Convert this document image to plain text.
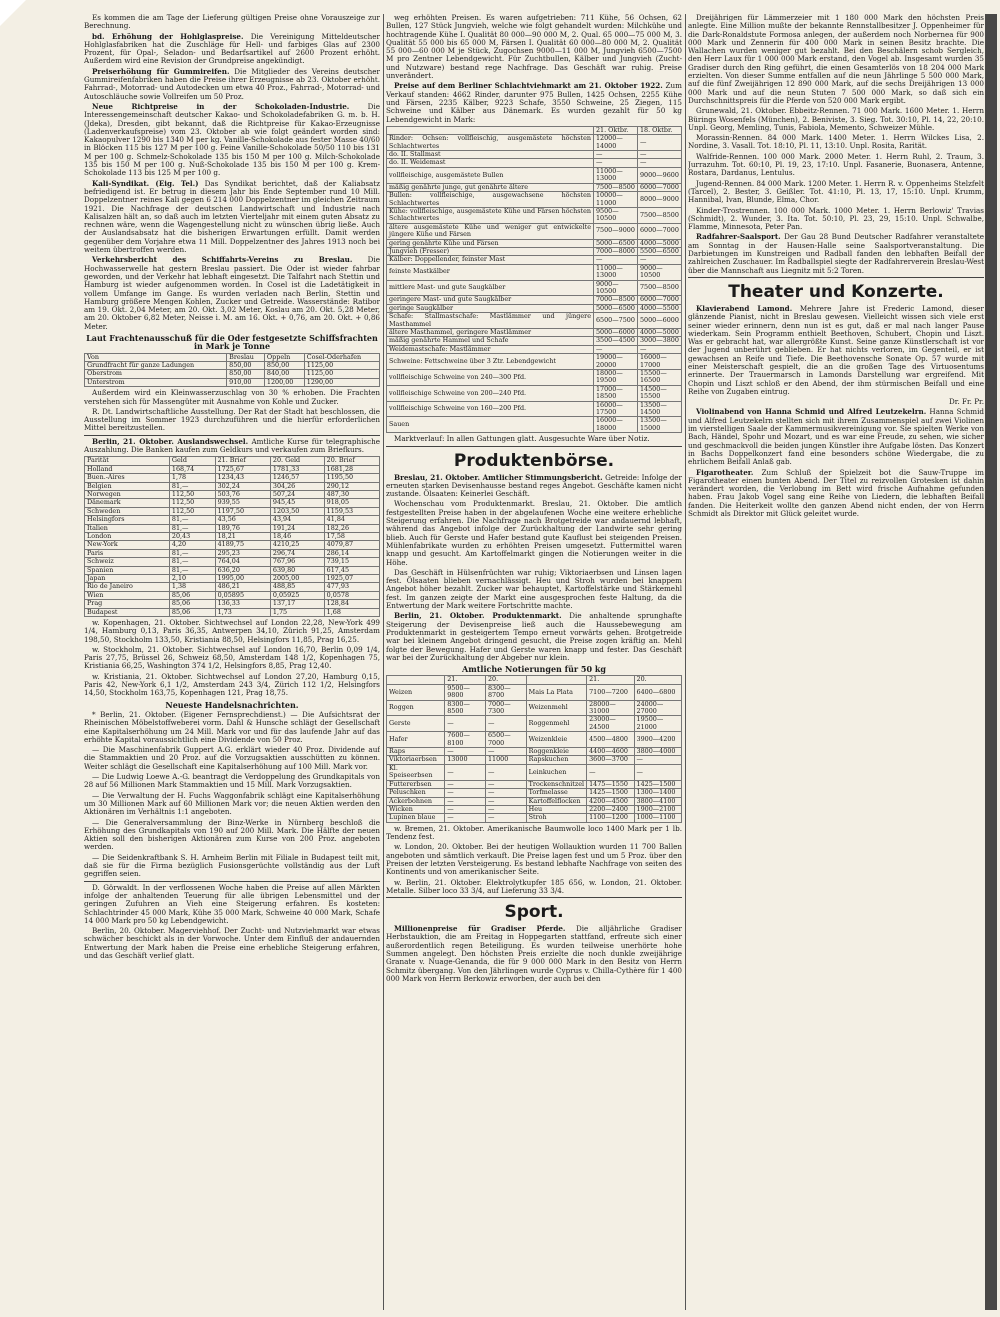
Es kommen die am Tage der Lieferung gültigen Preise ohne Vorauszeige zur Berechnung.

bd. Erhöhung der Hohlglaspreise. Die Vereinigung Mitteldeutscher Hohlglasfabriken hat die Zuschläge für Hell- und farbiges Glas auf 2300 Prozent, für Opal-, Seladon- und Bedarfsartikel auf 2600 Prozent erhöht. Außerdem wird eine Revision der Grundpreise angekündigt.

Preiserhöhung für Gummireifen. Die Mitglieder des Vereins deutscher Gummireifenfabriken haben die Preise ihrer Erzeugnisse ab 23. Oktober erhöht. Fahrrad-, Motorrad- und Autodecken um etwa 40 Proz., Fahrrad-, Motorrad- und Autoschläuche sowie Vollreifen um 50 Proz.

Neue Richtpreise in der Schokoladen-Industrie.	Die Interessengemeinschaft deutscher Kakao- und Schokoladefabriken G. m. b. H. (Jdeka), Dresden, gibt bekannt, daß die Richtpreise für Kakao-Erzeugnisse (Ladenverkaufspreise) vom 23. Oktober ab wie folgt geändert worden sind: Kakaopulver 1290 bis 1340 M per kg. Vanille-Schokolade aus fester Masse 40/60 in Blöcken 115 bis 127 M per 100 g. Feine Vanille-Schokolade 50/50 110 bis 131 M per 100 g. Schmelz-Schokolade 135 bis 150 M per 100 g. Milch-Schokolade 135 bis 150 M per 100 g. Nuß-Schokolade 135 bis 150 M per 100 g. Krem-Schokolade 113 bis 125 M per 100 g.

Kali-Syndikat. (Eig. Tel.) Das Syndikat berichtet, daß der Kaliabsatz befriedigend ist. Er betrug in diesem Jahr bis Ende September rund 10 Mill. Doppelzentner reines Kali gegen 6 214 000 Doppelzentner im gleichen Zeitraum 1921. Die Nachfrage der deutschen Landwirtschaft und Industrie nach Kalisalzen hält an, so daß auch im letzten Vierteljahr mit einem guten Absatz zu rechnen wäre, wenn die Wagengestellung nicht zu wünschen übrig ließe. Auch der Auslandsabsatz hat die bisherigen Erwartungen erfüllt. Damit werden gegenüber dem Vorjahre etwa 11 Mill. Doppelzentner des Jahres 1913 noch bei weitem übertroffen werden.

Verkehrsbericht des Schiffahrts-Vereins zu Breslau. Die Hochwasserwelle hat gestern Breslau passiert. Die Oder ist wieder fahrbar geworden, und der Verkehr hat lebhaft eingesetzt. Die Talfahrt nach Stettin und Hamburg ist wieder aufgenommen worden. In Cosel ist die Ladetätigkeit in vollem Umfange im Gange. Es wurden verladen nach Berlin, Stettin und Hamburg größere Mengen Kohlen, Zucker und Getreide. Wasserstände: Ratibor am 19. Okt. 2,04 Meter, am 20. Okt. 3,02 Meter, Koslau am 20. Okt. 5,28 Meter, am 20. Oktober 6,82 Meter, Neisse i. M. am 16. Okt. + 0,76, am 20. Okt. + 0,86 Meter.

Laut Frachtenausschuß für die Oder festgesetzte Schiffsfrachten in Mark je Tonne
Von	Breslau	Oppeln	Cosel-Oderhafen
Grundfracht für ganze Ladungen	850,00	850,00	1125,00
Oberstrom	850,00	840,00	1125,00
Unterstrom	910,00	1200,00	1290,00

Außerdem wird ein Kleinwasserzuschlag von 30 % erhoben. Die Frachten verstehen sich für Massengüter mit Ausnahme von Kohle und Zucker.

R. Dt. Landwirtschaftliche Ausstellung. Der Rat der Stadt hat beschlossen, die Ausstellung im Sommer 1923 durchzuführen und die hierfür erforderlichen Mittel bereitzustellen.

Berlin, 21. Oktober. Auslandswechsel. Amtliche Kurse für telegraphische Auszahlung. Die Banken kaufen zum Geldkurs und verkaufen zum Briefkurs.

Parität	Geld	21. Brief	20. Geld	20. Brief
Holland	168,74	1725,67	1781,33	1681,28
Buen.-Aires	1,78	1234,43	1246,57	1195,50
Belgien	81,—	302,24	304,26	290,12
Norwegen	112,50	503,76	507,24	487,30
Dänemark	112,50	939,55	945,45	918,05
Schweden	112,50	1197,50	1203,50	1159,53
Helsingfors	81,—	43,56	43,94	41,84
Italien	81,—	189,76	191,24	182,26
London	20,43	18,21	18,46	17,58
New-York	4,20	4189,75	4210,25	4079,87
Paris	81,—	295,23	296,74	286,14
Schweiz	81,—	764,04	767,96	739,15
Spanien	81,—	636,20	639,80	617,45
Japan	2,10	1995,00	2005,00	1925,07
Rio de Janeiro	1,38	486,21	488,85	477,93
Wien	85,06	0,05895	0,05925	0,0578
Prag	85,06	136,33	137,17	128,84
Budapest	85,06	1,73	1,75	1,68

w. Kopenhagen, 21. Oktober. Sichtwechsel auf London 22,28, New-York 499 1/4, Hamburg 0,13, Paris 36,35, Antwerpen 34,10, Zürich 91,25, Amsterdam 198,50, Stockholm 133,50, Kristiania 88,50, Helsingfors 11,85, Prag 16,25.

w. Stockholm, 21. Oktober. Sichtwechsel auf London 16,70, Berlin 0,09 1/4, Paris 27,75, Brüssel 26, Schweiz 68,50, Amsterdam 148 1/2, Kopenhagen 75, Kristiania 66,25, Washington 374 1/2, Helsingfors 8,85, Prag 12,40.

w. Kristiania, 21. Oktober. Sichtwechsel auf London 27,20, Hamburg 0,15, Paris 42, New-York 6,1 1/2, Amsterdam 243 3/4, Zürich 112 1/2, Helsingfors 14,50, Stockholm 163,75, Kopenhagen 121, Prag 18,75.

Neueste Handelsnachrichten.

* Berlin, 21. Oktober. (Eigener Fernsprechdienst.) — Die Aufsichtsrat der Rheinischen Möbelstoffweberei vorm. Dahl & Hunsche schlägt der Gesellschaft eine Kapitalserhöhung um 24 Mill. Mark vor und für das laufende Jahr auf das erhöhte Kapital voraussichtlich eine Dividende von 50 Proz.

— Die Maschinenfabrik Guppert A.G. erklärt wieder 40 Proz. Dividende auf die Stammaktien und 20 Proz. auf die Vorzugsaktien ausschütten zu können. Weiter schlägt die Gesellschaft eine Kapitalserhöhung auf 100 Mill. Mark vor.

— Die Ludwig Loewe A.-G. beantragt die Verdoppelung des Grundkapitals von 28 auf 56 Millionen Mark Stammaktien und 15 Mill. Mark Vorzugsaktien.

— Die Verwaltung der H. Fuchs Waggonfabrik schlägt eine Kapitalserhöhung um 30 Millionen Mark auf 60 Millionen Mark vor; die neuen Aktien werden den Aktionären im Verhältnis 1:1 angeboten.

— Die Generalversammlung der Binz-Werke in Nürnberg beschloß die Erhöhung des Grundkapitals von 190 auf 200 Mill. Mark. Die Hälfte der neuen Aktien soll den bisherigen Aktionären zum Kurse von 200 Proz. angeboten werden.

— Die Seidenkraftbank S. H. Arnheim Berlin mit Filiale in Budapest teilt mit, daß sie für die Firma bezüglich Fusionsgerüchte vollständig aus der Luft gegriffen seien.

D. Görwaldt. In der verflossenen Woche haben die Preise auf allen Märkten infolge der anhaltenden Teuerung für alle übrigen Lebensmittel und der geringen Zufuhren an Vieh eine Steigerung erfahren. Es kosteten: Schlachtrinder 45 000 Mark, Kühe 35 000 Mark, Schweine 40 000 Mark, Schafe 14 000 Mark pro 50 kg Lebendgewicht.

Berlin, 20. Oktober. Magerviehhof. Der Zucht- und Nutzviehmarkt war etwas schwächer beschickt als in der Vorwoche. Unter dem Einfluß der andauernden Entwertung der Mark haben die Preise eine erhebliche Steigerung erfahren, und das Geschäft verlief glatt.

weg erhöhten Preisen. Es waren aufgetrieben: 711 Kühe, 56 Ochsen, 62 Bullen, 127 Stück Jungvieh, welche wie folgt gehandelt wurden: Milchkühe und hochtragende Kühe I. Qualität 80 000—90 000 M, 2. Qual. 65 000—75 000 M, 3. Qualität 55 000 bis 65 000 M, Färsen I. Qualität 60 000—80 000 M, 2. Qualität 55 000—60 000 M je Stück, Zugochsen 9000—11 000 M, Jungvieh 6500—7500 M pro Zentner Lebendgewicht. Für Zuchtbullen, Kälber und Jungvieh (Zucht- und Nutzware) bestand rege Nachfrage. Das Geschäft war ruhig. Preise unverändert.

Preise auf dem Berliner Schlachtviehmarkt am 21. Oktober 1922. Zum Verkauf standen: 4662 Rinder, darunter 975 Bullen, 1425 Ochsen, 2255 Kühe und Färsen, 2235 Kälber, 9223 Schafe, 3550 Schweine, 25 Ziegen, 115 Schweine und Kälber aus Dänemark. Es wurden gezahlt für 50 kg Lebendgewicht in Mark:

	21. Oktbr.	18. Oktbr.
Rinder: Ochsen: vollfleischig, ausgemästete höchsten Schlachtwertes	12000—14000	—
do. II. Stallmast	—	—
do. II. Weidemast	—	—
vollfleischige, ausgemästete Bullen	11000—13000	9000—9600
mäßig genährte junge, gut genährte ältere	7500—8500	6000—7000
Bullen: vollfleischige, ausgewachsene höchsten Schlachtwertes	10000—11000	8000—9000
Kühe: vollfleischige, ausgemästete Kühe und Färsen höchsten Schlachtwertes	9500—10500	7500—8500
ältere ausgemästete Kühe und weniger gut entwickelte jüngere Kühe und Färsen	7500—9000	6000—7000
gering genährte Kühe und Färsen	5000—6500	4000—5000
Jungvieh (Fresser)	7000—8000	5500—6500
Kälber: Doppellender, feinster Mast	—	—
feinste Mastkälber	11000—13000	9000—10500
mittlere Mast- und gute Saugkälber	9000—10500	7500—8500
geringere Mast- und gute Saugkälber	7000—8500	6000—7000
geringe Saugkälber	5000—6500	4000—5500
Schafe: Stallmastschafe: Mastlämmer und jüngere Masthammel	6500—7500	5000—6000
ältere Masthammel, geringere Mastlämmer	5000—6000	4000—5000
mäßig genährte Hammel und Schafe	3500—4500	3000—3800
Weidemastschafe: Mastlämmer	—	—
Schweine: Fettschweine über 3 Ztr. Lebendgewicht	19000—20000	16000—17000
vollfleischige Schweine von 240—300 Pfd.	18000—19500	15500—16500
vollfleischige Schweine von 200—240 Pfd.	17000—18500	14500—15500
vollfleischige Schweine von 160—200 Pfd.	16000—17500	13500—14500
Sauen	16000—18000	13500—15000

Marktverlauf: In allen Gattungen glatt. Ausgesuchte Ware über Notiz.

Produktenbörse.

Breslau, 21. Oktober. Amtlicher Stimmungsbericht. Getreide: Infolge der erneuten starken Devisenhausse bestand reges Angebot. Geschäfte kamen nicht zustande. Ölsaaten: Keinerlei Geschäft.

Wochenschau vom Produktenmarkt. Breslau, 21. Oktober. Die amtlich festgestellten Preise haben in der abgelaufenen Woche eine weitere erhebliche Steigerung erfahren. Die Nachfrage nach Brotgetreide war andauernd lebhaft, während das Angebot infolge der Zurückhaltung der Landwirte sehr gering blieb. Auch für Gerste und Hafer bestand gute Kauflust bei steigenden Preisen. Mühlenfabrikate wurden zu erhöhten Preisen umgesetzt. Futtermittel waren knapp und gesucht. Am Kartoffelmarkt gingen die Notierungen weiter in die Höhe.

Das Geschäft in Hülsenfrüchten war ruhig; Viktoriaerbsen und Linsen lagen fest. Ölsaaten blieben vernachlässigt. Heu und Stroh wurden bei knappem Angebot höher bezahlt. Zucker war behauptet, Kartoffelstärke und Stärkemehl fest. Im ganzen zeigte der Markt eine ausgesprochen feste Haltung, da die Entwertung der Mark weitere Fortschritte machte.

Berlin, 21. Oktober. Produktenmarkt. Die anhaltende sprunghafte Steigerung der Devisenpreise ließ auch die Haussebewegung am Produktenmarkt in gesteigertem Tempo erneut vorwärts gehen. Brotgetreide war bei kleinem Angebot dringend gesucht, die Preise zogen kräftig an. Mehl folgte der Bewegung. Hafer und Gerste waren knapp und fester. Das Geschäft war bei der Zurückhaltung der Abgeber nur klein.

Amtliche Notierungen für 50 kg
	21.	20.		21.	20.
Weizen	9500—9800	8300—8700	Mais La Plata	7100—7200	6400—6800
Roggen	8300—8500	7000—7300	Weizenmehl	28000—31000	24000—27000
Gerste	—	—	Roggenmehl	23000—24500	19500—21000
Hafer	7600—8100	6500—7000	Weizenkleie	4500—4800	3900—4200
Raps	—	—	Roggenkleie	4400—4600	3800—4000
Viktoriaerbsen	13000	11000	Rapskuchen	3600—3700	—
Kl. Speiseerbsen	—	—	Leinkuchen	—	—
Futtererbsen	—	—	Trockenschnitzel	1475—1550	1425—1500
Peluschken	—	—	Torfmelasse	1425—1500	1300—1400
Ackerbohnen	—	—	Kartoffelflocken	4200—4500	3800—4100
Wicken	—	—	Heu	2200—2400	1900—2100
Lupinen blaue	—	—	Stroh	1100—1200	1000—1100

w. Bremen, 21. Oktober. Amerikanische Baumwolle loco 1400 Mark per 1 lb. Tendenz fest.

w. London, 20. Oktober. Bei der heutigen Wollauktion wurden 11 700 Ballen angeboten und sämtlich verkauft. Die Preise lagen fest und um 5 Proz. über den Preisen der letzten Versteigerung. Es bestand lebhafte Nachfrage von seiten des Kontinents und von amerikanischer Seite.

w. Berlin, 21. Oktober. Elektrolytkupfer 185 656, w. London, 21. Oktober. Metalle. Silber loco 33 3/4, auf Lieferung 33 3/4.

Sport.

Millionenpreise für Gradiser Pferde. Die alljährliche Gradiser Herbstauktion, die am Freitag in Hoppegarten stattfand, erfreute sich einer außerordentlich regen Beteiligung. Es wurden teilweise unerhörte hohe Summen angelegt. Den höchsten Preis erzielte die noch dunkle zweijährige Granate v. Nuage-Genanda, die für 9 000 000 Mark in den Besitz von Herrn Schmitz übergang. Von den Jährlingen wurde Cyprus v. Chilla-Cythère für 1 400 000 Mark von Herrn Berkowiz erworben, der auch bei den

Dreijährigen für Lämmerzeier mit 1 180 000 Mark den höchsten Preis anlegte. Eine Million mußte der bekannte Rennstallbesitzer J. Oppenheimer für die Dark-Ronaldstute Formosa anlegen, der außerdem noch Norbernea für 900 000 Mark und Zennerin für 400 000 Mark in seinen Besitz brachte. Die Wallachen wurden weniger gut bezahlt. Bei den Beschälern schob Sergleich, den Herr Laux für 1 000 000 Mark erstand, den Vogel ab. Insgesamt wurden 35 Gradiser durch den Ring geführt, die einen Gesamterlös von 18 204 000 Mark erzielten. Von dieser Summe entfallen auf die neun Jährlinge 5 500 000 Mark, auf die fünf Zweijährigen 12 890 000 Mark, auf die sechs Dreijährigen 13 000 000 Mark und auf die neun Stuten 7 500 000 Mark, so daß sich ein Durchschnittspreis für die Pferde von 520 000 Mark ergibt.

Grunewald, 21. Oktober. Ebbeitz-Rennen. 71 000 Mark. 1600 Meter. 1. Herrn Bürings Wosenfels (München), 2. Beniviste, 3. Sieg. Tot. 30:10, Pl. 14, 22, 20:10. Unpl. Georg, Memling, Tunis, Fabiola, Memento, Schweizer Mühle.

Morassin-Rennen. 84 000 Mark. 1400 Meter. 1. Herrn Wilckes Lisa, 2. Nordine, 3. Vasall. Tot. 18:10, Pl. 11, 13:10. Unpl. Rosita, Rarität.

Walfride-Rennen. 100 000 Mark. 2000 Meter. 1. Herrn Ruhl, 2. Traum, 3. Jurrazuhm. Tot. 60:10, Pl. 19, 23, 17:10. Unpl. Fasanerie, Buonasera, Antenne, Rostara, Dardanus, Lentulus.

Jugend-Rennen. 84 000 Mark. 1200 Meter. 1. Herrn R. v. Oppenheims Stelzfelt (Tarcel), 2. Bester, 3. Geißler. Tot. 41:10, Pl. 13, 17, 15:10. Unpl. Krumm, Hannibal, Ivan, Blunde, Elma, Chor.

Kinder-Trostrennen. 100 000 Mark. 1000 Meter. 1. Herrn Berlowiz' Travias (Schmidt), 2. Wunder, 3. Ita. Tot. 50:10, Pl. 23, 29, 15:10. Unpl. Schwalbe, Flamme, Minnesota, Peter Pan.

Radfahrer-Saalsport. Der Gau 28 Bund Deutscher Radfahrer veranstaltete am Sonntag in der Hausen-Halle seine Saalsportveranstaltung. Die Darbietungen im Kunstreigen und Radball fanden den lebhaften Beifall der zahlreichen Zuschauer. Im Radballspiel siegte der Radfahrerverein Breslau-West über die Mannschaft aus Liegnitz mit 5:2 Toren.

Theater und Konzerte.

Klavierabend Lamond. Mehrere Jahre ist Frederic Lamond, dieser glänzende Pianist, nicht in Breslau gewesen. Vielleicht wissen sich viele erst seiner wieder erinnern, denn nun ist es gut, daß er mal nach langer Pause wiederkam. Sein Programm enthielt Beethoven, Schubert, Chopin und Liszt. Was er gebracht hat, war allergrößte Kunst. Seine ganze Künstlerschaft ist vor der Jugend unberührt geblieben. Er hat nichts verloren, im Gegenteil, er ist gewachsen an Reife und Tiefe. Die Beethovensche Sonate Op. 57 wurde mit einer Meisterschaft gespielt, die an die großen Tage des Virtuosentums erinnerte. Der Trauermarsch in Lamonds Darstellung war ergreifend. Mit Chopin und Liszt schloß er den Abend, der ihm stürmischen Beifall und eine Reihe von Zugaben eintrug.

Dr. Fr. Pr.

Violinabend von Hanna Schmid und Alfred Leutzekelrn. Hanna Schmid und Alfred Leutzekelrn stellten sich mit ihrem Zusammenspiel auf zwei Violinen im vierstelligen Saale der Kammermusikvereinigung vor. Sie spielten Werke von Bach, Händel, Spohr und Mozart, und es war eine Freude, zu sehen, wie sicher und geschmackvoll die beiden jungen Künstler ihre Aufgabe lösten. Das Konzert in Bachs Doppelkonzert fand eine besonders schöne Wiedergabe, die zu ehrlichem Beifall Anlaß gab.

Figarotheater. Zum Schluß der Spielzeit bot die Sauw-Truppe im Figarotheater einen bunten Abend. Der Titel zu reizvollen Grotesken ist dahin verändert worden, die Verlobung im Bett wird frische Aufnahme gefunden haben. Frau Jakob Vogel sang eine Reihe von Liedern, die lebhaften Beifall fanden. Die Heiterkeit wollte den ganzen Abend nicht enden, der von Herrn Schmidt als Direktor mit Glück geleitet wurde.
